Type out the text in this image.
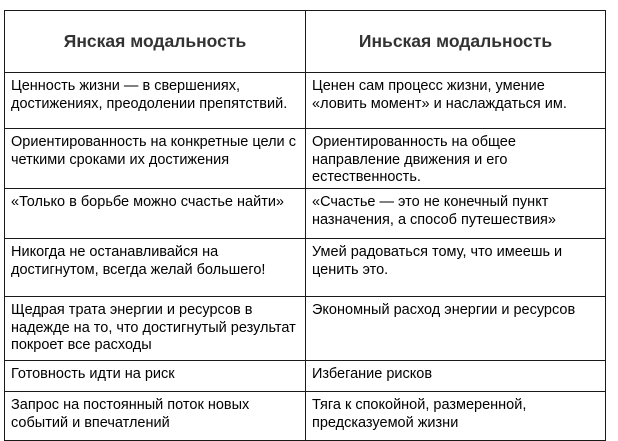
Янская модальность	Иньская модальность
Ценность жизни — в свершениях, достижениях, преодолении препятствий.	Ценен сам процесс жизни, умение «ловить момент» и наслаждаться им.
Ориентированность на конкретные цели с четкими сроками их достижения	Ориентированность на общее направление движения и его естественность.
«Только в борьбе можно счастье найти»	«Счастье — это не конечный пункт назначения, а способ путешествия»
Никогда не останавливайся на достигнутом, всегда желай большего!	Умей радоваться тому, что имеешь и ценить это.
Щедрая трата энергии и ресурсов в надежде на то, что достигнутый результат покроет все расходы	Экономный расход энергии и ресурсов
Готовность идти на риск	Избегание рисков
Запрос на постоянный поток новых событий и впечатлений	Тяга к спокойной, размеренной, предсказуемой жизни
